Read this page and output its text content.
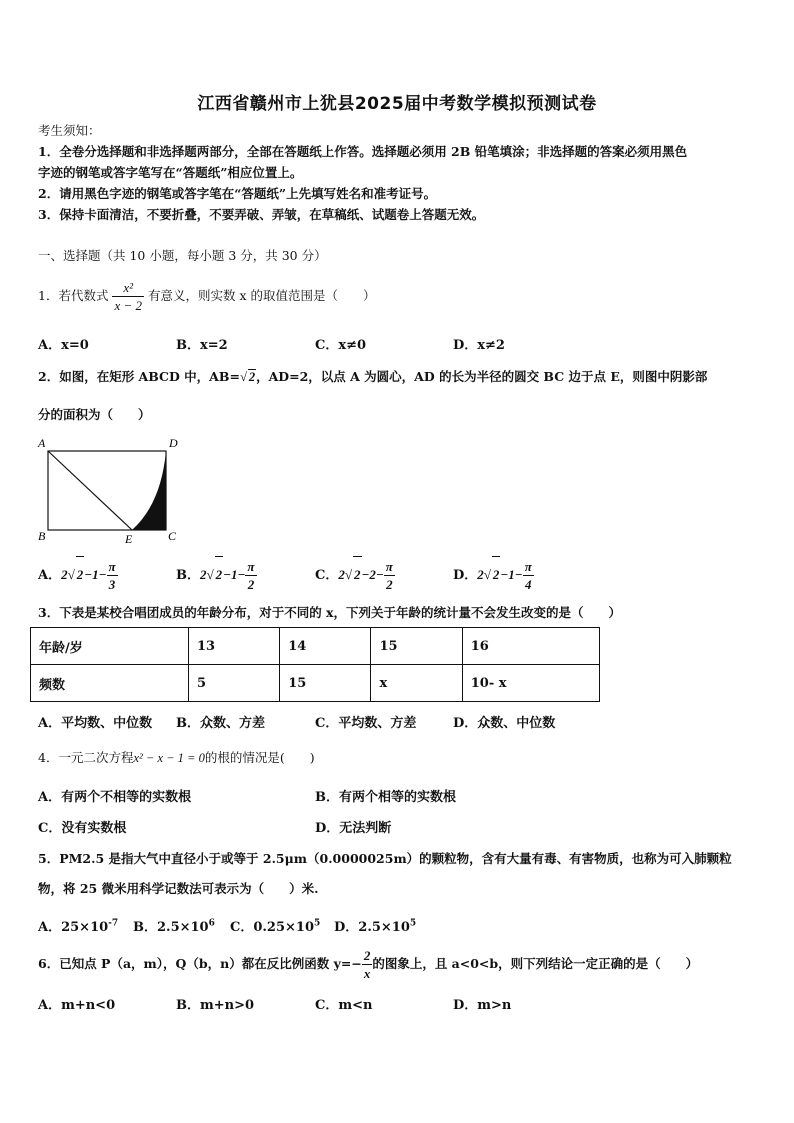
江西省赣州市上犹县2025届中考数学模拟预测试卷
考生须知：
1．全卷分选择题和非选择题两部分，全部在答题纸上作答。选择题必须用 2B 铅笔填涂；非选择题的答案必须用黑色
字迹的钢笔或答字笔写在“答题纸”相应位置上。
2．请用黑色字迹的钢笔或答字笔在“答题纸”上先填写姓名和准考证号。
3．保持卡面清洁，不要折叠，不要弄破、弄皱，在草稿纸、试题卷上答题无效。
一、选择题（共 10 小题，每小题 3 分，共 30 分）
1．若代数式 $\frac{\text{x²}}{x - 2}$ 有意义，则实数 x 的取值范围是（　　）
A．x=0	B．x=2	C．x≠0	D．x≠2
2．如图，在矩形 ABCD 中，AB=√ 2，AD=2，以点 A 为圆心，AD 的长为半径的圆交 BC 边于点 E，则图中阴影部
分的面积为（　　）
A	D
B	E	C
A．2√ $2-1- \frac{\pi}{3}$	B．2√ $2-1- \frac{\pi}{2}$	C．2√ $2-2- \frac{\pi}{2}$	D．2√ $2-1- \frac{\pi}{4}$
3．下表是某校合唱团成员的年龄分布，对于不同的 x，下列关于年龄的统计量不会发生改变的是（　　）
年龄/岁	13	14	15	16
频数	5	15	x	10- x
A．平均数、中位数 B．众数、方差	C．平均数、方差	D．众数、中位数
4．一元二次方程x² − x − 1 = 0的根的情况是(　　)
A．有两个不相等的实数根	B．有两个相等的实数根
C．没有实数根	D．无法判断
5．PM2.5 是指大气中直径小于或等于 2.5μm（0.0000025m）的颗粒物，含有大量有毒、有害物质，也称为可入肺颗粒
物，将 25 微米用科学记数法可表示为（　　）米.
A．$25\times 10^{-7}$ B．$2.5\times 10^6$ C．$0.25\times 10^5$ D．$2.5\times 10^5$
6．已知点 P（a，m），Q（b，n）都在反比例函数 $y=- \frac{2}{x}$ 的图象上，且 a<0<b，则下列结论一定正确的是（　　）
A．m+n<0	B．m+n>0	C．m<n	D．m>n
